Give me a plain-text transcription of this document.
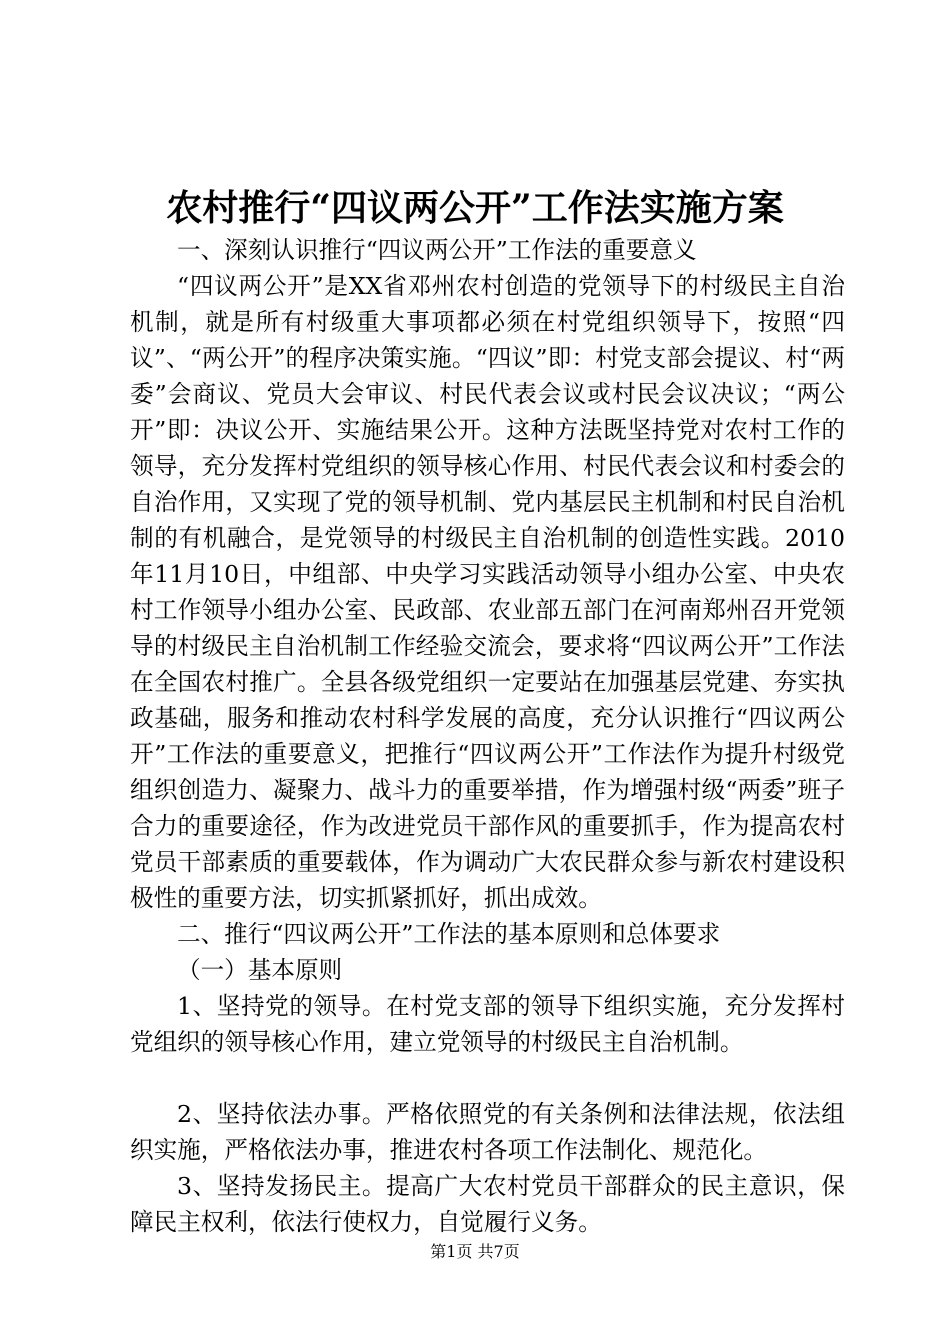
农村推行“四议两公开”工作法实施方案

一、深刻认识推行“四议两公开”工作法的重要意义

“四议两公开”是XX省邓州农村创造的党领导下的村级民主自治机制，就是所有村级重大事项都必须在村党组织领导下，按照“四议”、“两公开”的程序决策实施。“四议”即：村党支部会提议、村“两委”会商议、党员大会审议、村民代表会议或村民会议决议；“两公开”即：决议公开、实施结果公开。这种方法既坚持党对农村工作的领导，充分发挥村党组织的领导核心作用、村民代表会议和村委会的自治作用，又实现了党的领导机制、党内基层民主机制和村民自治机制的有机融合，是党领导的村级民主自治机制的创造性实践。2010年11月10日，中组部、中央学习实践活动领导小组办公室、中央农村工作领导小组办公室、民政部、农业部五部门在河南郑州召开党领导的村级民主自治机制工作经验交流会，要求将“四议两公开”工作法在全国农村推广。全县各级党组织一定要站在加强基层党建、夯实执政基础，服务和推动农村科学发展的高度，充分认识推行“四议两公开”工作法的重要意义，把推行“四议两公开”工作法作为提升村级党组织创造力、凝聚力、战斗力的重要举措，作为增强村级“两委”班子合力的重要途径，作为改进党员干部作风的重要抓手，作为提高农村党员干部素质的重要载体，作为调动广大农民群众参与新农村建设积极性的重要方法，切实抓紧抓好，抓出成效。

二、推行“四议两公开”工作法的基本原则和总体要求

（一）基本原则

1、坚持党的领导。在村党支部的领导下组织实施，充分发挥村党组织的领导核心作用，建立党领导的村级民主自治机制。

2、坚持依法办事。严格依照党的有关条例和法律法规，依法组织实施，严格依法办事，推进农村各项工作法制化、规范化。

3、坚持发扬民主。提高广大农村党员干部群众的民主意识，保障民主权利，依法行使权力，自觉履行义务。

第1页 共7页
